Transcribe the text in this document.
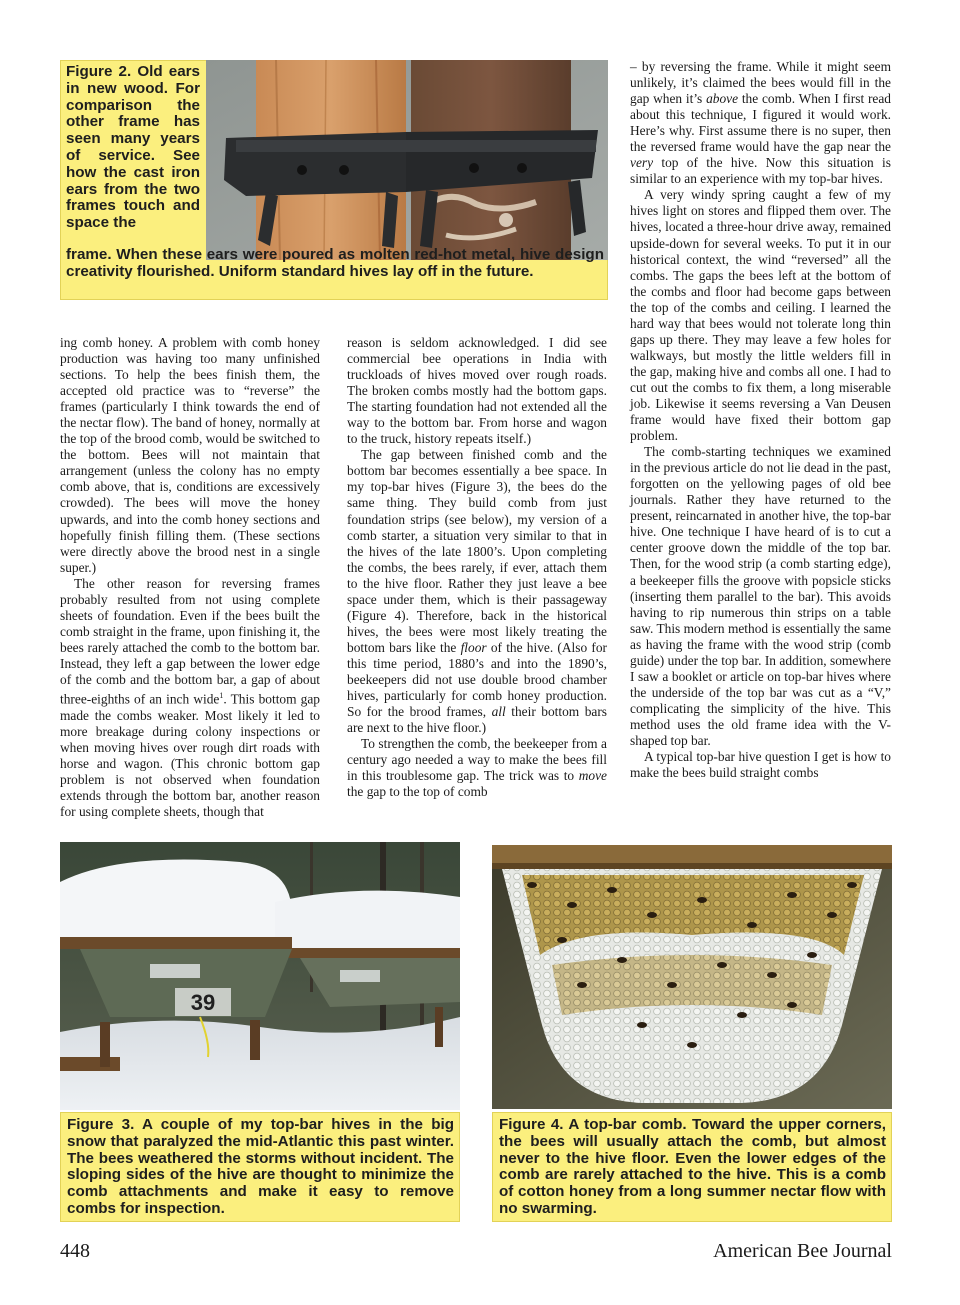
Figure 2. Old ears in new wood. For comparison the other frame has seen many years of service. See how the cast iron ears from the two frames touch and space the
frame. When these ears were poured as molten red-hot metal, hive design creativity flourished. Uniform standard hives lay off in the future.

ing comb honey. A problem with comb honey production was having too many unfinished sections. To help the bees finish them, the accepted old practice was to “reverse” the frames (particularly I think towards the end of the nectar flow). The band of honey, normally at the top of the brood comb, would be switched to the bottom. Bees will not maintain that arrangement (unless the colony has no empty comb above, that is, conditions are excessively crowded). The bees will move the honey upwards, and into the comb honey sections and hopefully finish filling them. (These sections were directly above the brood nest in a single super.)

The other reason for reversing frames probably resulted from not using complete sheets of foundation. Even if the bees built the comb straight in the frame, upon finishing it, the bees rarely attached the comb to the bottom bar. Instead, they left a gap between the lower edge of the comb and the bottom bar, a gap of about three-eighths of an inch wide$^1$. This bottom gap made the combs weaker. Most likely it led to more breakage during colony inspections or when moving hives over rough dirt roads with horse and wagon. (This chronic bottom gap problem is not observed when foundation extends through the bottom bar, another reason for using complete sheets, though that

reason is seldom acknowledged. I did see commercial bee operations in India with truckloads of hives moved over rough roads. The broken combs mostly had the bottom gaps. The starting foundation had not extended all the way to the bottom bar. From horse and wagon to the truck, history repeats itself.)

The gap between finished comb and the bottom bar becomes essentially a bee space. In my top-bar hives (Figure 3), the bees do the same thing. They build comb from just foundation strips (see below), my version of a comb starter, a situation very similar to that in the hives of the late 1800’s. Upon completing the combs, the bees rarely, if ever, attach them to the hive floor. Rather they just leave a bee space under them, which is their passageway (Figure 4). Therefore, back in the historical hives, the bees were most likely treating the bottom bars like the floor of the hive. (Also for this time period, 1880’s and into the 1890’s, beekeepers did not use double brood chamber hives, particularly for comb honey production. So for the brood frames, all their bottom bars are next to the hive floor.)

To strengthen the comb, the beekeeper from a century ago needed a way to make the bees fill in this troublesome gap. The trick was to move the gap to the top of comb

– by reversing the frame. While it might seem unlikely, it’s claimed the bees would fill in the gap when it’s above the comb. When I first read about this technique, I figured it would work. Here’s why. First assume there is no super, then the reversed frame would have the gap near the very top of the hive. Now this situation is similar to an experience with my top-bar hives.

A very windy spring caught a few of my hives light on stores and flipped them over. The hives, located a three-hour drive away, remained upside-down for several weeks. To put it in our historical context, the wind “reversed” all the combs. The gaps the bees left at the bottom of the combs and floor had become gaps between the top of the combs and ceiling. I learned the hard way that bees would not tolerate long thin gaps up there. They may leave a few holes for walkways, but mostly the little welders fill in the gap, making hive and combs all one. I had to cut out the combs to fix them, a long miserable job. Likewise it seems reversing a Van Deusen frame would have fixed their bottom gap problem.

The comb-starting techniques we examined in the previous article do not lie dead in the past, forgotten on the yellowing pages of old bee journals. Rather they have returned to the present, reincarnated in another hive, the top-bar hive. One technique I have heard of is to cut a center groove down the middle of the top bar. Then, for the wood strip (a comb starting edge), a beekeeper fills the groove with popsicle sticks (inserting them parallel to the bar). This avoids having to rip numerous thin strips on a table saw. This modern method is essentially the same as having the frame with the wood strip (comb guide) under the top bar. In addition, somewhere I saw a booklet or article on top-bar hives where the underside of the top bar was cut as a “V,” complicating the simplicity of the hive. This method uses the old frame idea with the V-shaped top bar.

A typical top-bar hive question I get is how to make the bees build straight combs

39
Figure 3. A couple of my top-bar hives in the big snow that paralyzed the mid-Atlantic this past winter. The bees weathered the storms without incident. The sloping sides of the hive are thought to minimize the comb attachments and make it easy to remove combs for inspection.
Figure 4. A top-bar comb. Toward the upper corners, the bees will usually attach the comb, but almost never to the hive floor. Even the lower edges of the comb are rarely attached to the hive. This is a comb of cotton honey from a long summer nectar flow with no swarming.
448	American Bee Journal
